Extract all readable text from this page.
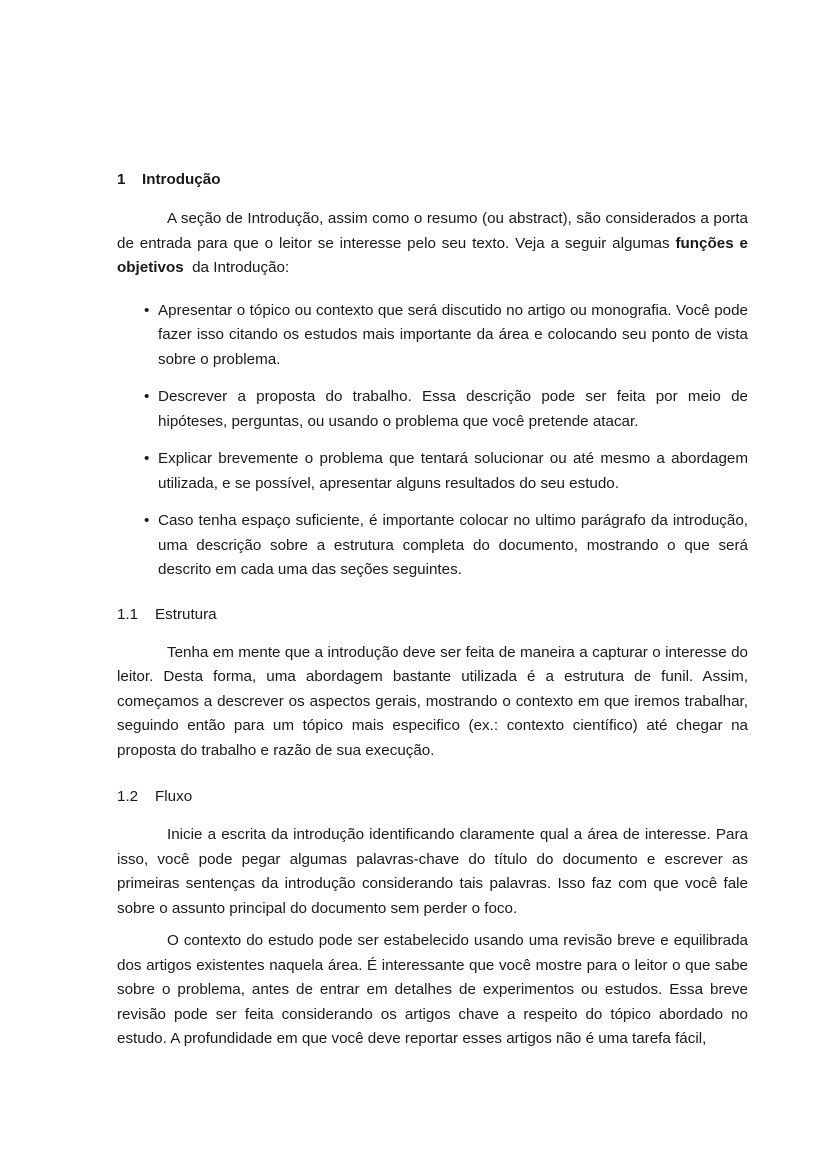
1 Introdução

A seção de Introdução, assim como o resumo (ou abstract), são considerados a porta de entrada para que o leitor se interesse pelo seu texto. Veja a seguir algumas funções e objetivos  da Introdução:

• Apresentar o tópico ou contexto que será discutido no artigo ou monografia. Você pode fazer isso citando os estudos mais importante da área e colocando seu ponto de vista sobre o problema.
• Descrever a proposta do trabalho. Essa descrição pode ser feita por meio de hipóteses, perguntas, ou usando o problema que você pretende atacar.
• Explicar brevemente o problema que tentará solucionar ou até mesmo a abordagem utilizada, e se possível, apresentar alguns resultados do seu estudo.
• Caso tenha espaço suficiente, é importante colocar no ultimo parágrafo da introdução, uma descrição sobre a estrutura completa do documento, mostrando o que será descrito em cada uma das seções seguintes.
1.1 Estrutura

Tenha em mente que a introdução deve ser feita de maneira a capturar o interesse do leitor. Desta forma, uma abordagem bastante utilizada é a estrutura de funil. Assim, começamos a descrever os aspectos gerais, mostrando o contexto em que iremos trabalhar, seguindo então para um tópico mais especifico (ex.: contexto científico) até chegar na proposta do trabalho e razão de sua execução.

1.2 Fluxo

Inicie a escrita da introdução identificando claramente qual a área de interesse. Para isso, você pode pegar algumas palavras-chave do título do documento e escrever as primeiras sentenças da introdução considerando tais palavras. Isso faz com que você fale sobre o assunto principal do documento sem perder o foco.

O contexto do estudo pode ser estabelecido usando uma revisão breve e equilibrada dos artigos existentes naquela área. É interessante que você mostre para o leitor o que sabe sobre o problema, antes de entrar em detalhes de experimentos ou estudos. Essa breve revisão pode ser feita considerando os artigos chave a respeito do tópico abordado no estudo. A profundidade em que você deve reportar esses artigos não é uma tarefa fácil,
